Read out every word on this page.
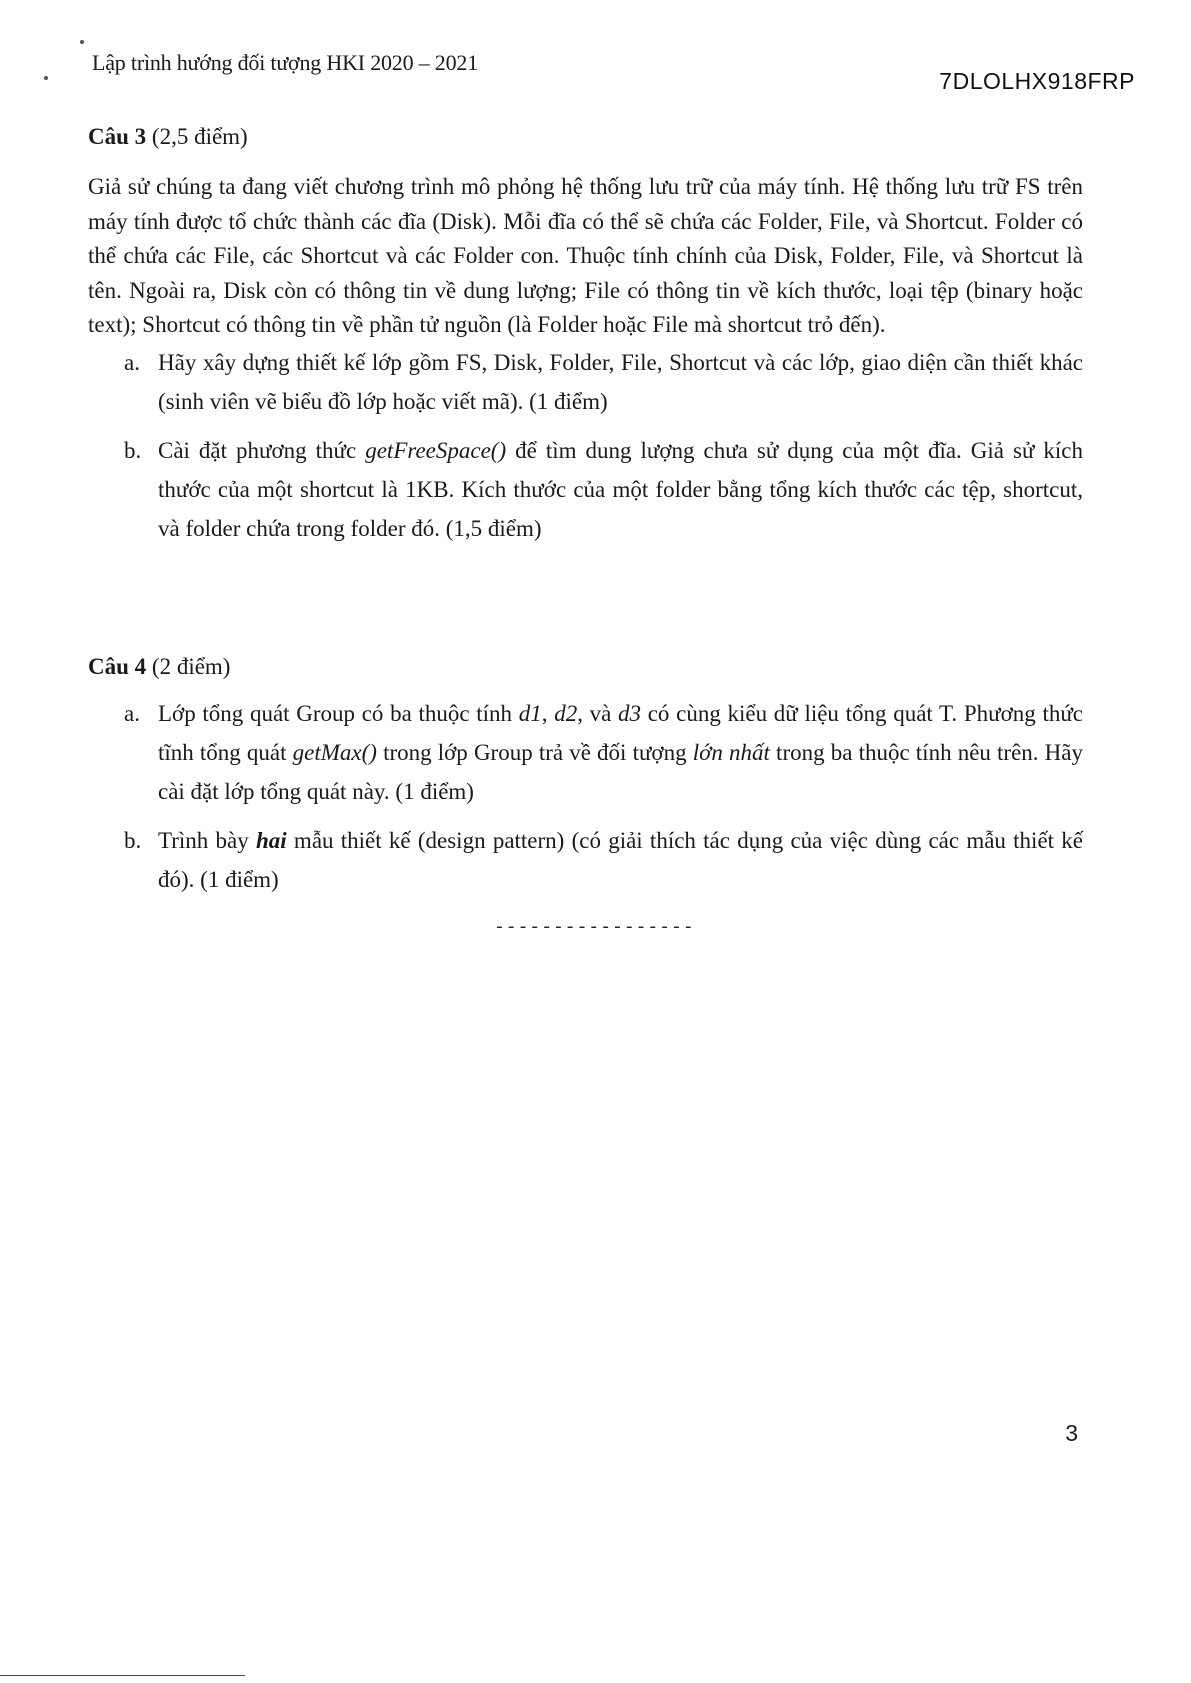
Lập trình hướng đối tượng HKI 2020 – 2021
7DLOLHX918FRP
Câu 3 (2,5 điểm)

Giả sử chúng ta đang viết chương trình mô phỏng hệ thống lưu trữ của máy tính. Hệ thống lưu trữ FS trên máy tính được tổ chức thành các đĩa (Disk). Mỗi đĩa có thể sẽ chứa các Folder, File, và Shortcut. Folder có thể chứa các File, các Shortcut và các Folder con. Thuộc tính chính của Disk, Folder, File, và Shortcut là tên. Ngoài ra, Disk còn có thông tin về dung lượng; File có thông tin về kích thước, loại tệp (binary hoặc text); Shortcut có thông tin về phần tử nguồn (là Folder hoặc File mà shortcut trỏ đến).

a. Hãy xây dựng thiết kế lớp gồm FS, Disk, Folder, File, Shortcut và các lớp, giao diện cần thiết khác (sinh viên vẽ biểu đồ lớp hoặc viết mã). (1 điểm)
b. Cài đặt phương thức getFreeSpace() để tìm dung lượng chưa sử dụng của một đĩa. Giả sử kích thước của một shortcut là 1KB. Kích thước của một folder bằng tổng kích thước các tệp, shortcut, và folder chứa trong folder đó. (1,5 điểm)
Câu 4 (2 điểm)
a. Lớp tổng quát Group có ba thuộc tính d1, d2, và d3 có cùng kiểu dữ liệu tổng quát T. Phương thức tĩnh tổng quát getMax() trong lớp Group trả về đối tượng lớn nhất trong ba thuộc tính nêu trên. Hãy cài đặt lớp tổng quát này. (1 điểm)
b. Trình bày hai mẫu thiết kế (design pattern) (có giải thích tác dụng của việc dùng các mẫu thiết kế đó). (1 điểm)
-----------------
3
